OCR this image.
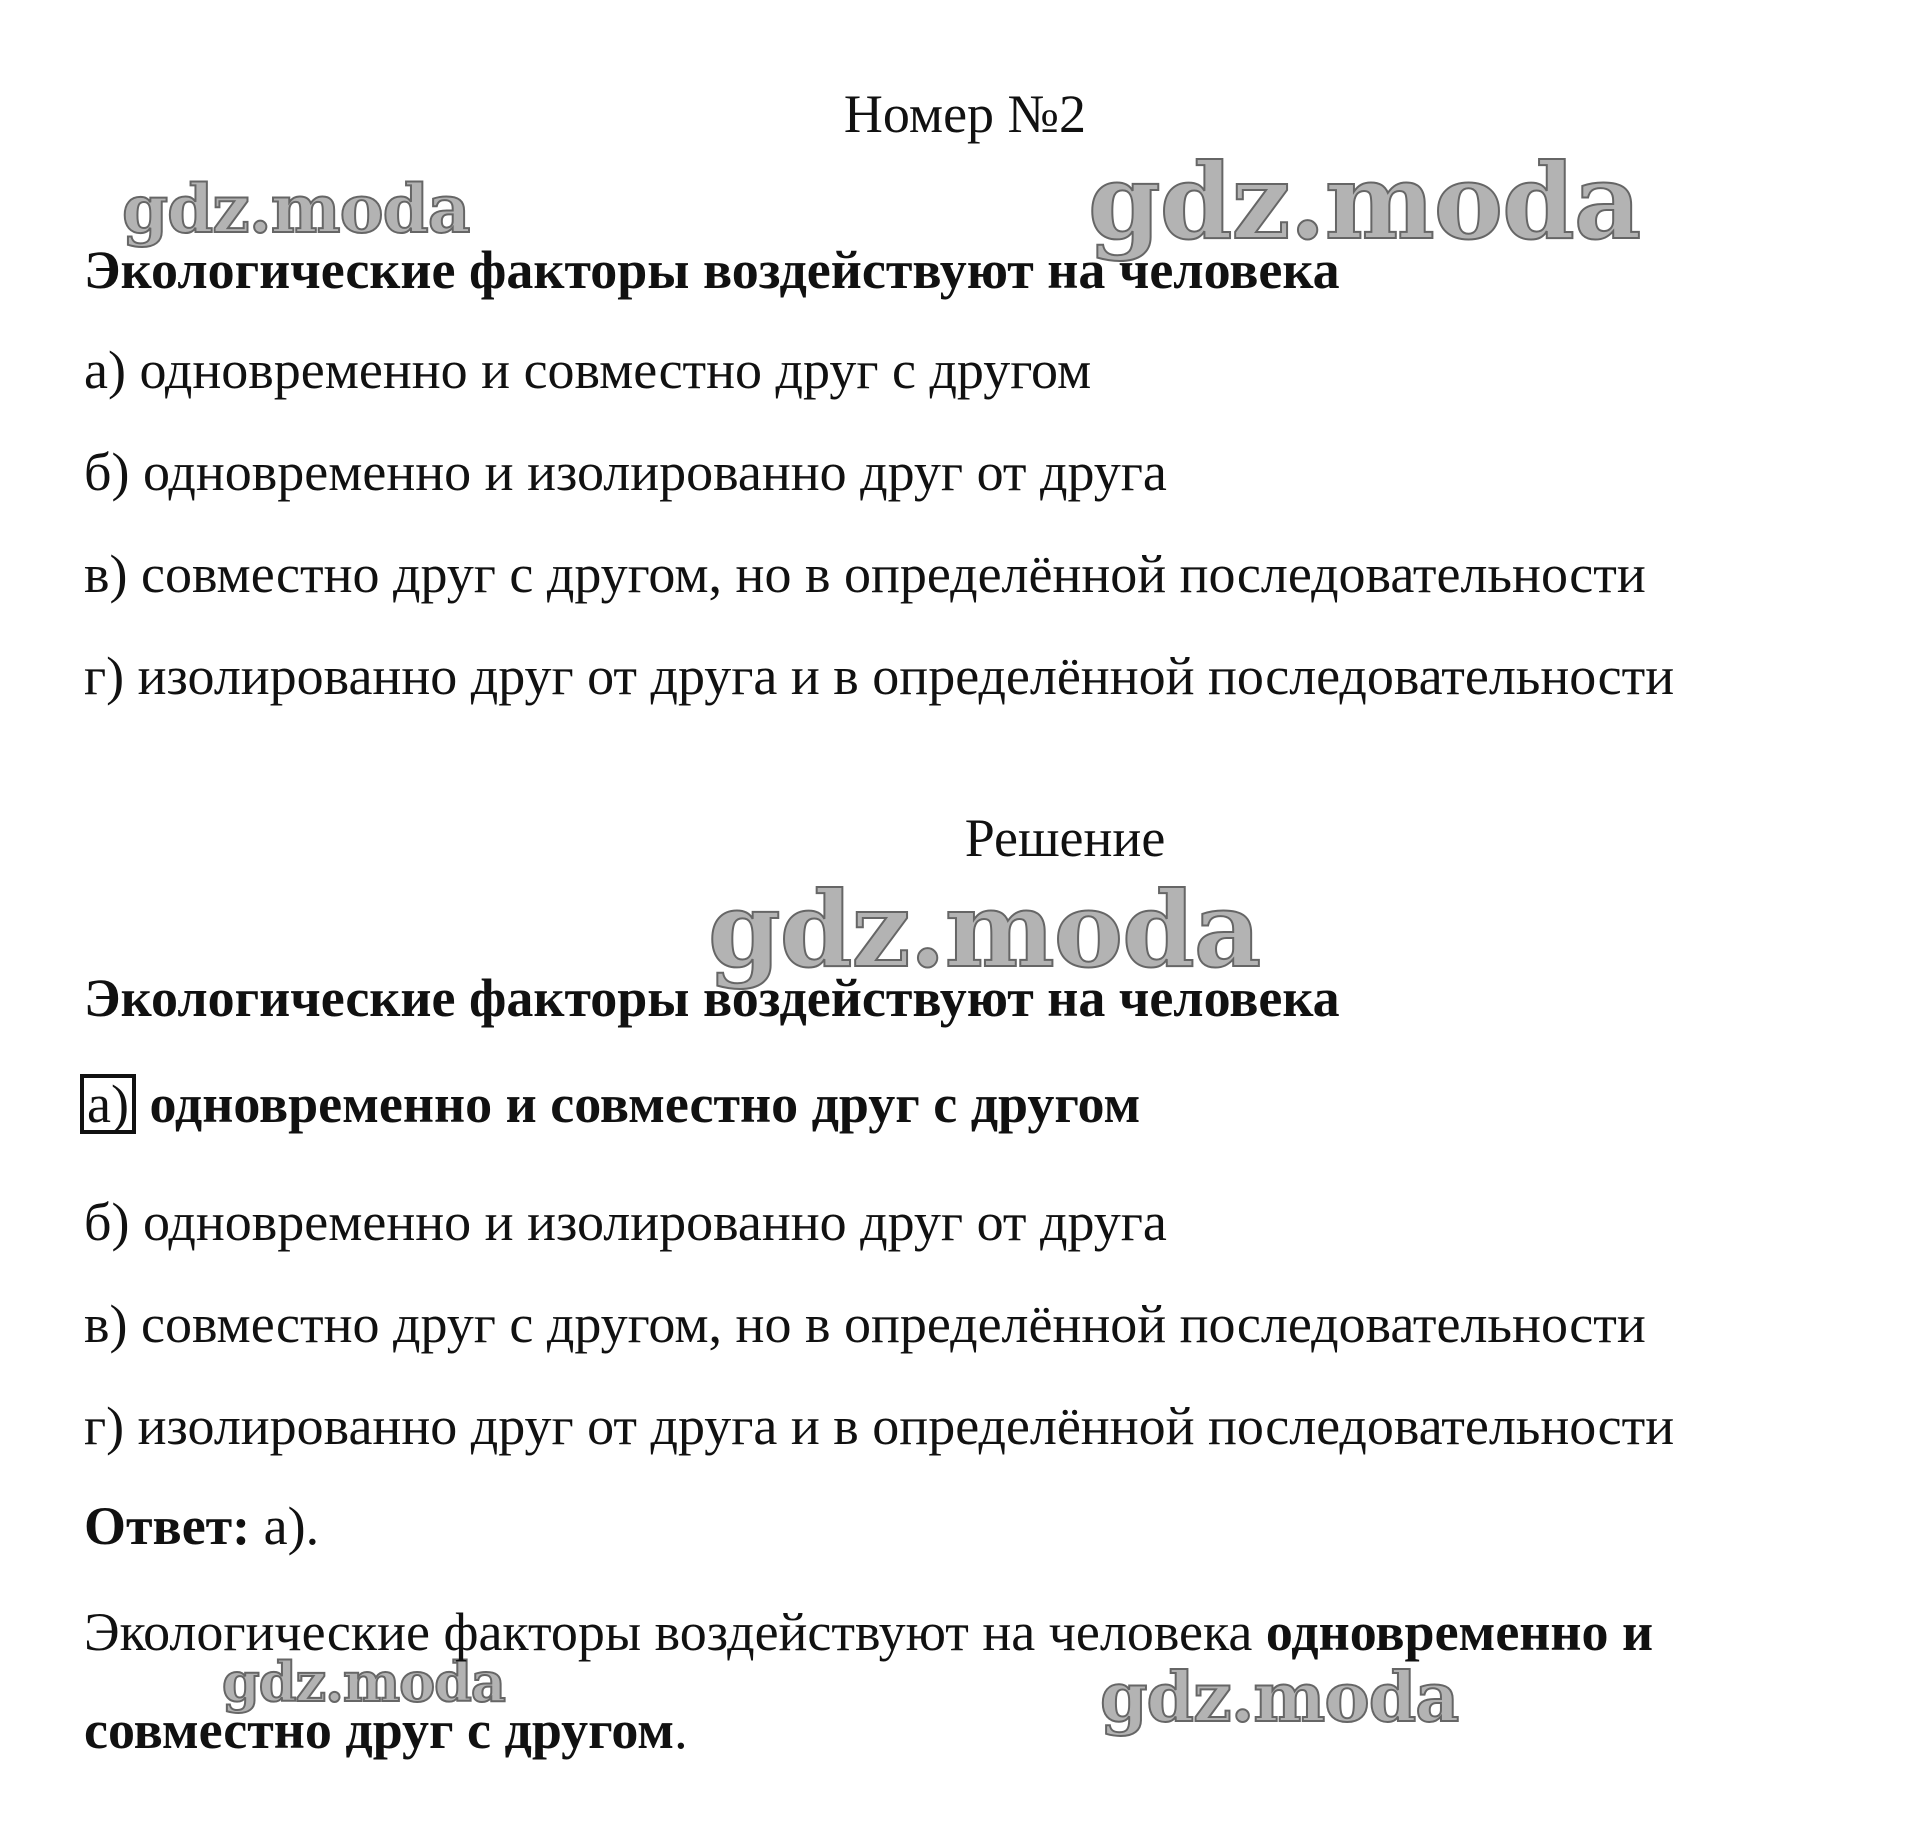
gdz.moda	gdz.moda
gdz.moda
gdz.moda	gdz.moda
Номер №2
Экологические факторы воздействуют на человека
а) одновременно и совместно друг с другом
б) одновременно и изолированно друг от друга
в) совместно друг с другом, но в определённой последовательности
г) изолированно друг от друга и в определённой последовательности
Решение
Экологические факторы воздействуют на человека
а) одновременно и совместно друг с другом
б) одновременно и изолированно друг от друга
в) совместно друг с другом, но в определённой последовательности
г) изолированно друг от друга и в определённой последовательности
Ответ: а).
Экологические факторы воздействуют на человека одновременно и
совместно друг с другом.
